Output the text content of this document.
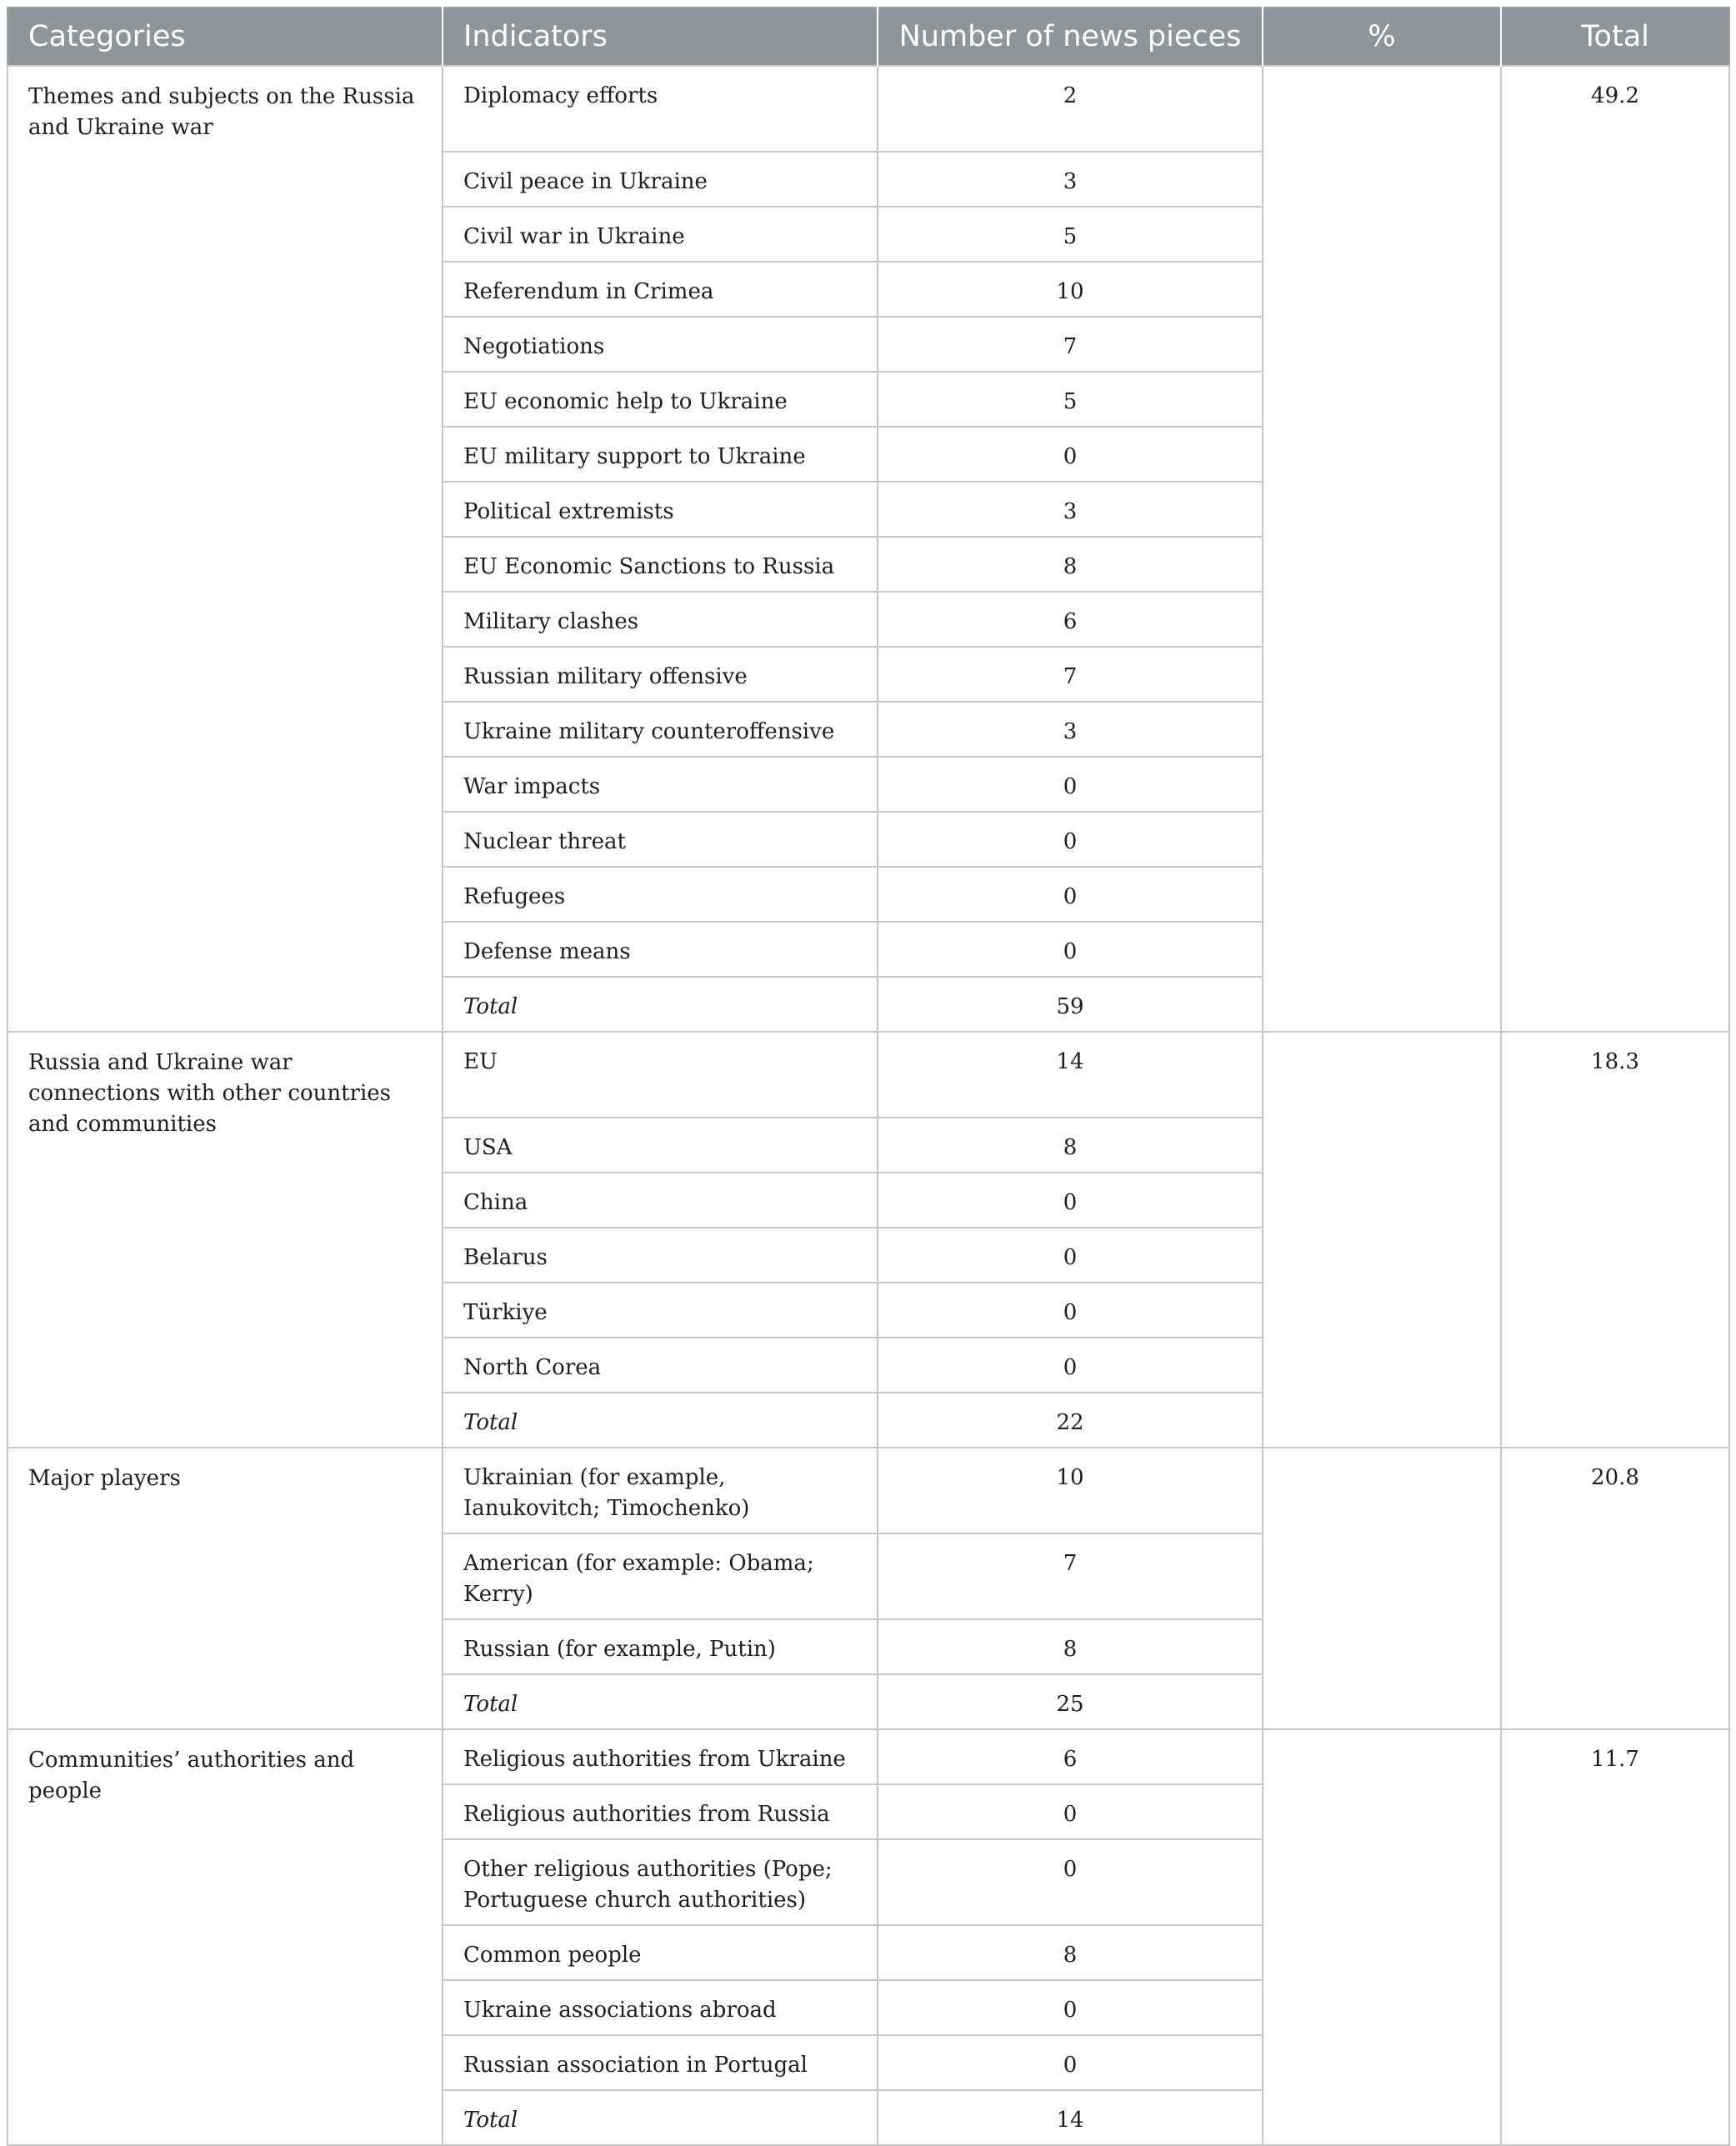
Categories	Indicators	Number of news pieces	%	Total
Themes and subjects on the Russia and Ukraine war	Diplomacy efforts	2		49.2
	Civil peace in Ukraine	3		
	Civil war in Ukraine	5		
	Referendum in Crimea	10		
	Negotiations	7		
	EU economic help to Ukraine	5		
	EU military support to Ukraine	0		
	Political extremists	3		
	EU Economic Sanctions to Russia	8		
	Military clashes	6		
	Russian military offensive	7		
	Ukraine military counteroffensive	3		
	War impacts	0		
	Nuclear threat	0		
	Refugees	0		
	Defense means	0		
	Total	59		
Russia and Ukraine war connections with other countries and communities	EU	14		18.3
	USA	8		
	China	0		
	Belarus	0		
	Türkiye	0		
	North Corea	0		
	Total	22		
Major players	Ukrainian (for example, Ianukovitch; Timochenko)	10		20.8
	American (for example: Obama; Kerry)	7		
	Russian (for example, Putin)	8		
	Total	25		
Communities’ authorities and people	Religious authorities from Ukraine	6		11.7
	Religious authorities from Russia	0		
	Other religious authorities (Pope; Portuguese church authorities)	0		
	Common people	8		
	Ukraine associations abroad	0		
	Russian association in Portugal	0		
	Total	14		
